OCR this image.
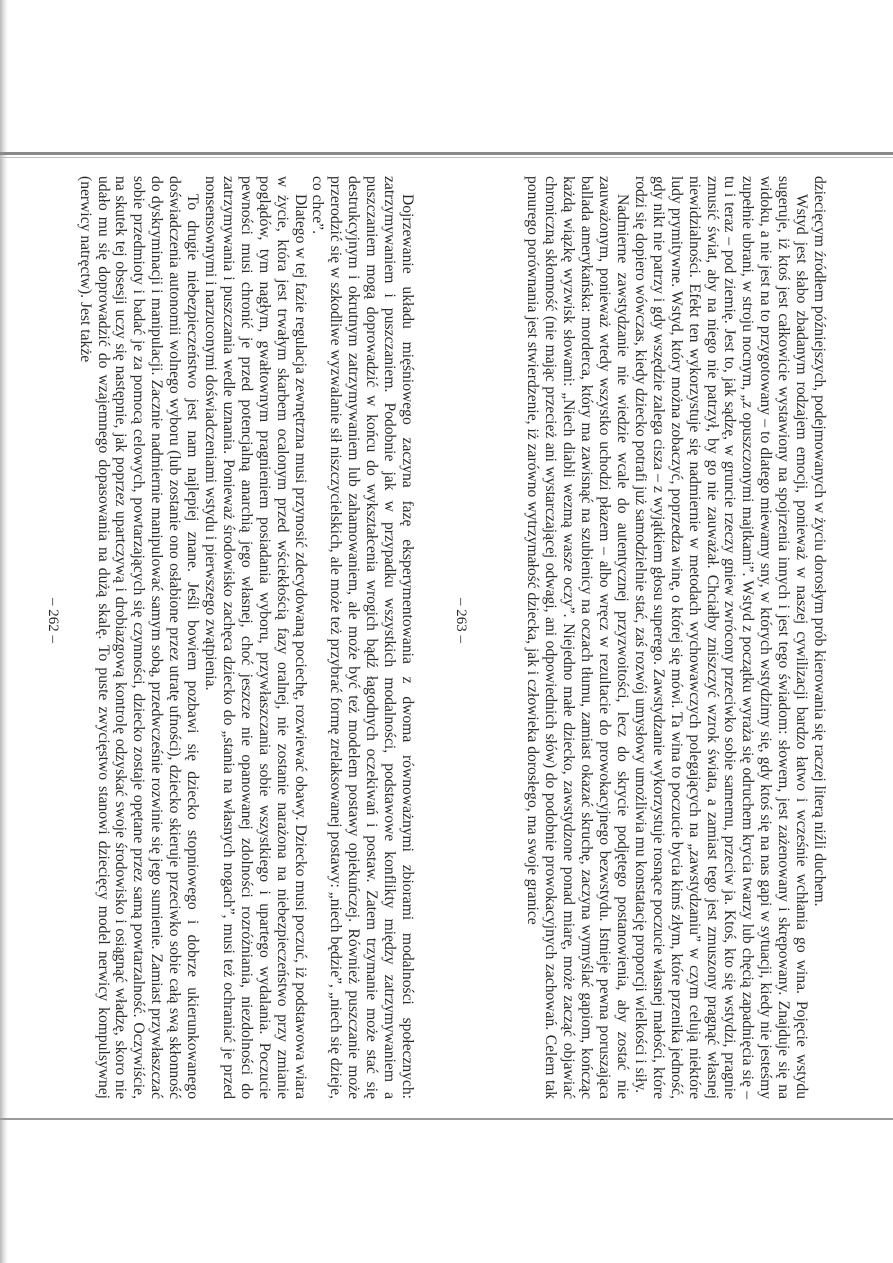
Dojrzewanie układu mięśniowego zaczyna fazę eksperymentowania z dwoma równoważnymi zbiorami modalności społecznych: zatrzymywaniem i puszczaniem. Podobnie jak w przypadku wszystkich modalności, podstawowe konflikty między zatrzymywaniem a puszczaniem mogą doprowadzić w końcu do wykształcenia wrogich bądź łagodnych oczekiwań i postaw. Zatem trzymanie może stać się destrukcyjnym i okrutnym zatrzymywaniem lub zahamowaniem, ale może być też modelem postawy opiekuńczej. Również puszczanie może przerodzić się w szkodliwe wyzwalanie sił niszczycielskich, ale może też przybrać formę zrelaksowanej postawy: „niech będzie”, „niech się dzieje, co chce”.

Dlatego w tej fazie regulacja zewnętrzna musi przynosić zdecydowaną pociechę, rozwiewać obawy. Dziecko musi poczuć, iż podstawowa wiara w życie, która jest trwałym skarbem ocalonym przed wściekłością fazy oralnej, nie zostanie narażona na niebezpieczeństwo przy zmianie poglądów, tym nagłym, gwałtownym pragnieniem posiadania wyboru, przywłaszczania sobie wszystkiego i upartego wydalania. Poczucie pewności musi chronić je przed potencjalną anarchią jego własnej, choć jeszcze nie opanowanej zdolności rozróżniania, niezdolności do zatrzymywania i puszczania wedle uznania. Ponieważ środowisko zachęca dziecko do „stania na własnych nogach”, musi też ochraniać je przed nonsensownymi i narzuconymi doświadczeniami wstydu i pierwszego zwątpienia.

To drugie niebezpieczeństwo jest nam najlepiej znane. Jeśli bowiem pozbawi się dziecko stopniowego i dobrze ukierunkowanego doświadczenia autonomii wolnego wyboru (lub zostanie ono osłabione przez utratę ufności), dziecko skieruje przeciwko sobie całą swą skłonność do dyskryminacji i manipulacji. Zacznie nadmiernie manipulować samym sobą, przedwcześnie rozwinie się jego sumienie. Zamiast przywłaszczać sobie przedmioty i badać je za pomocą celowych, powtarzających się czynności, dziecko zostaje opętane przez samą powtarzalność. Oczywiście, na skutek tej obsesji uczy się następnie, jak poprzez upartczywą i drobiazgową kontrolę odzyskać swoje środowisko i osiągnąć władzę, skoro nie udało mu się doprowadzić do wzajemnego dopasowania na dużą skalę. To puste zwycięstwo stanowi dziecięcy model nerwicy kompulsywnej (nerwicy natręctw). Jest także	dziecięcym źródłem późniejszych, podejmowanych w życiu dorosłym prób kierowania się raczej literą niźli duchem.

Wstyd jest słabo zbadanym rodzajem emocji, ponieważ w naszej cywilizacji bardzo łatwo i wcześnie wchłania go wina. Pojęcie wstydu sugeruje, iż ktoś jest całkowicie wystawiony na spojrzenia innych i jest tego świadom: słowem, jest zażenowany i skrępowany. Znajduje się na widoku, a nie jest na to przygotowany – to dlatego miewamy sny, w których wstydzimy się, gdy ktoś się na nas gapi w sytuacji, kiedy nie jesteśmy zupełnie ubrani, w stroju nocnym, „z opuszczonymi majtkami”. Wstyd z początku wyraża się odruchem krycia twarzy lub chęcią zapadnięcia się – tu i teraz – pod ziemię. Jest to, jak sądzę, w gruncie rzeczy gniew zwrócony przeciwko sobie samemu, przeciw ja. Ktoś, kto się wstydzi, pragnie zmusić świat, aby na niego nie patrzył, by go nie zauważał. Chciałby zniszczyć wzrok świata, a zamiast tego jest zmuszony pragnąć własnej niewidzialności. Efekt ten wykorzystuje się nadmiernie w metodach wychowawczych polegających na „zawstydzaniu” w czym celują niektóre ludy prymitywne. Wstyd, który można zobaczyć, poprzedza winę, o której się mówi. Ta wina to poczucie bycia kimś złym, które przenika jedność, gdy nikt nie patrzy i gdy wszędzie zalega cisza – z wyjątkiem głosu superego. Zawstydzanie wykorzystuje rosnące poczucie własnej małości, które rodzi się dopiero wówczas, kiedy dziecko potrafi już samodzielnie stać, zaś rozwój umysłowy umożliwia mu konstatację proporcji wielkości i siły.

Nadmierne zawstydzanie nie wiedzie wcale do autentycznej przyzwoitości, lecz do skrycie podjętego postanowienia, aby zostać nie zauważonym, ponieważ wtedy wszystko uchodzi płazem – albo wręcz w rezultacie do prowokacyjnego bezwstydu. Istnieje pewna poruszająca ballada amerykańska: morderca, który ma zawisnąć na szubienicy na oczach tłumu, zamiast okazać skruchę, zaczyna wymyślać gapiom, kończąc każdą wiązkę wyzwisk słowami: „Niech diabli wezmą wasze oczy”. Niejedno małe dziecko, zawstydzone ponad miarę, może zacząć objawiać chroniczną skłonność (nie mając przecież ani wystarczającej odwagi, ani odpowiednich słów) do podobnie prowokacyjnych zachowań. Celem tak ponurego porównania jest stwierdzenie, iż zarówno wytrzymałość dziecka, jak i człowieka dorosłego, ma swoje granice

– 262 –	– 263 –
